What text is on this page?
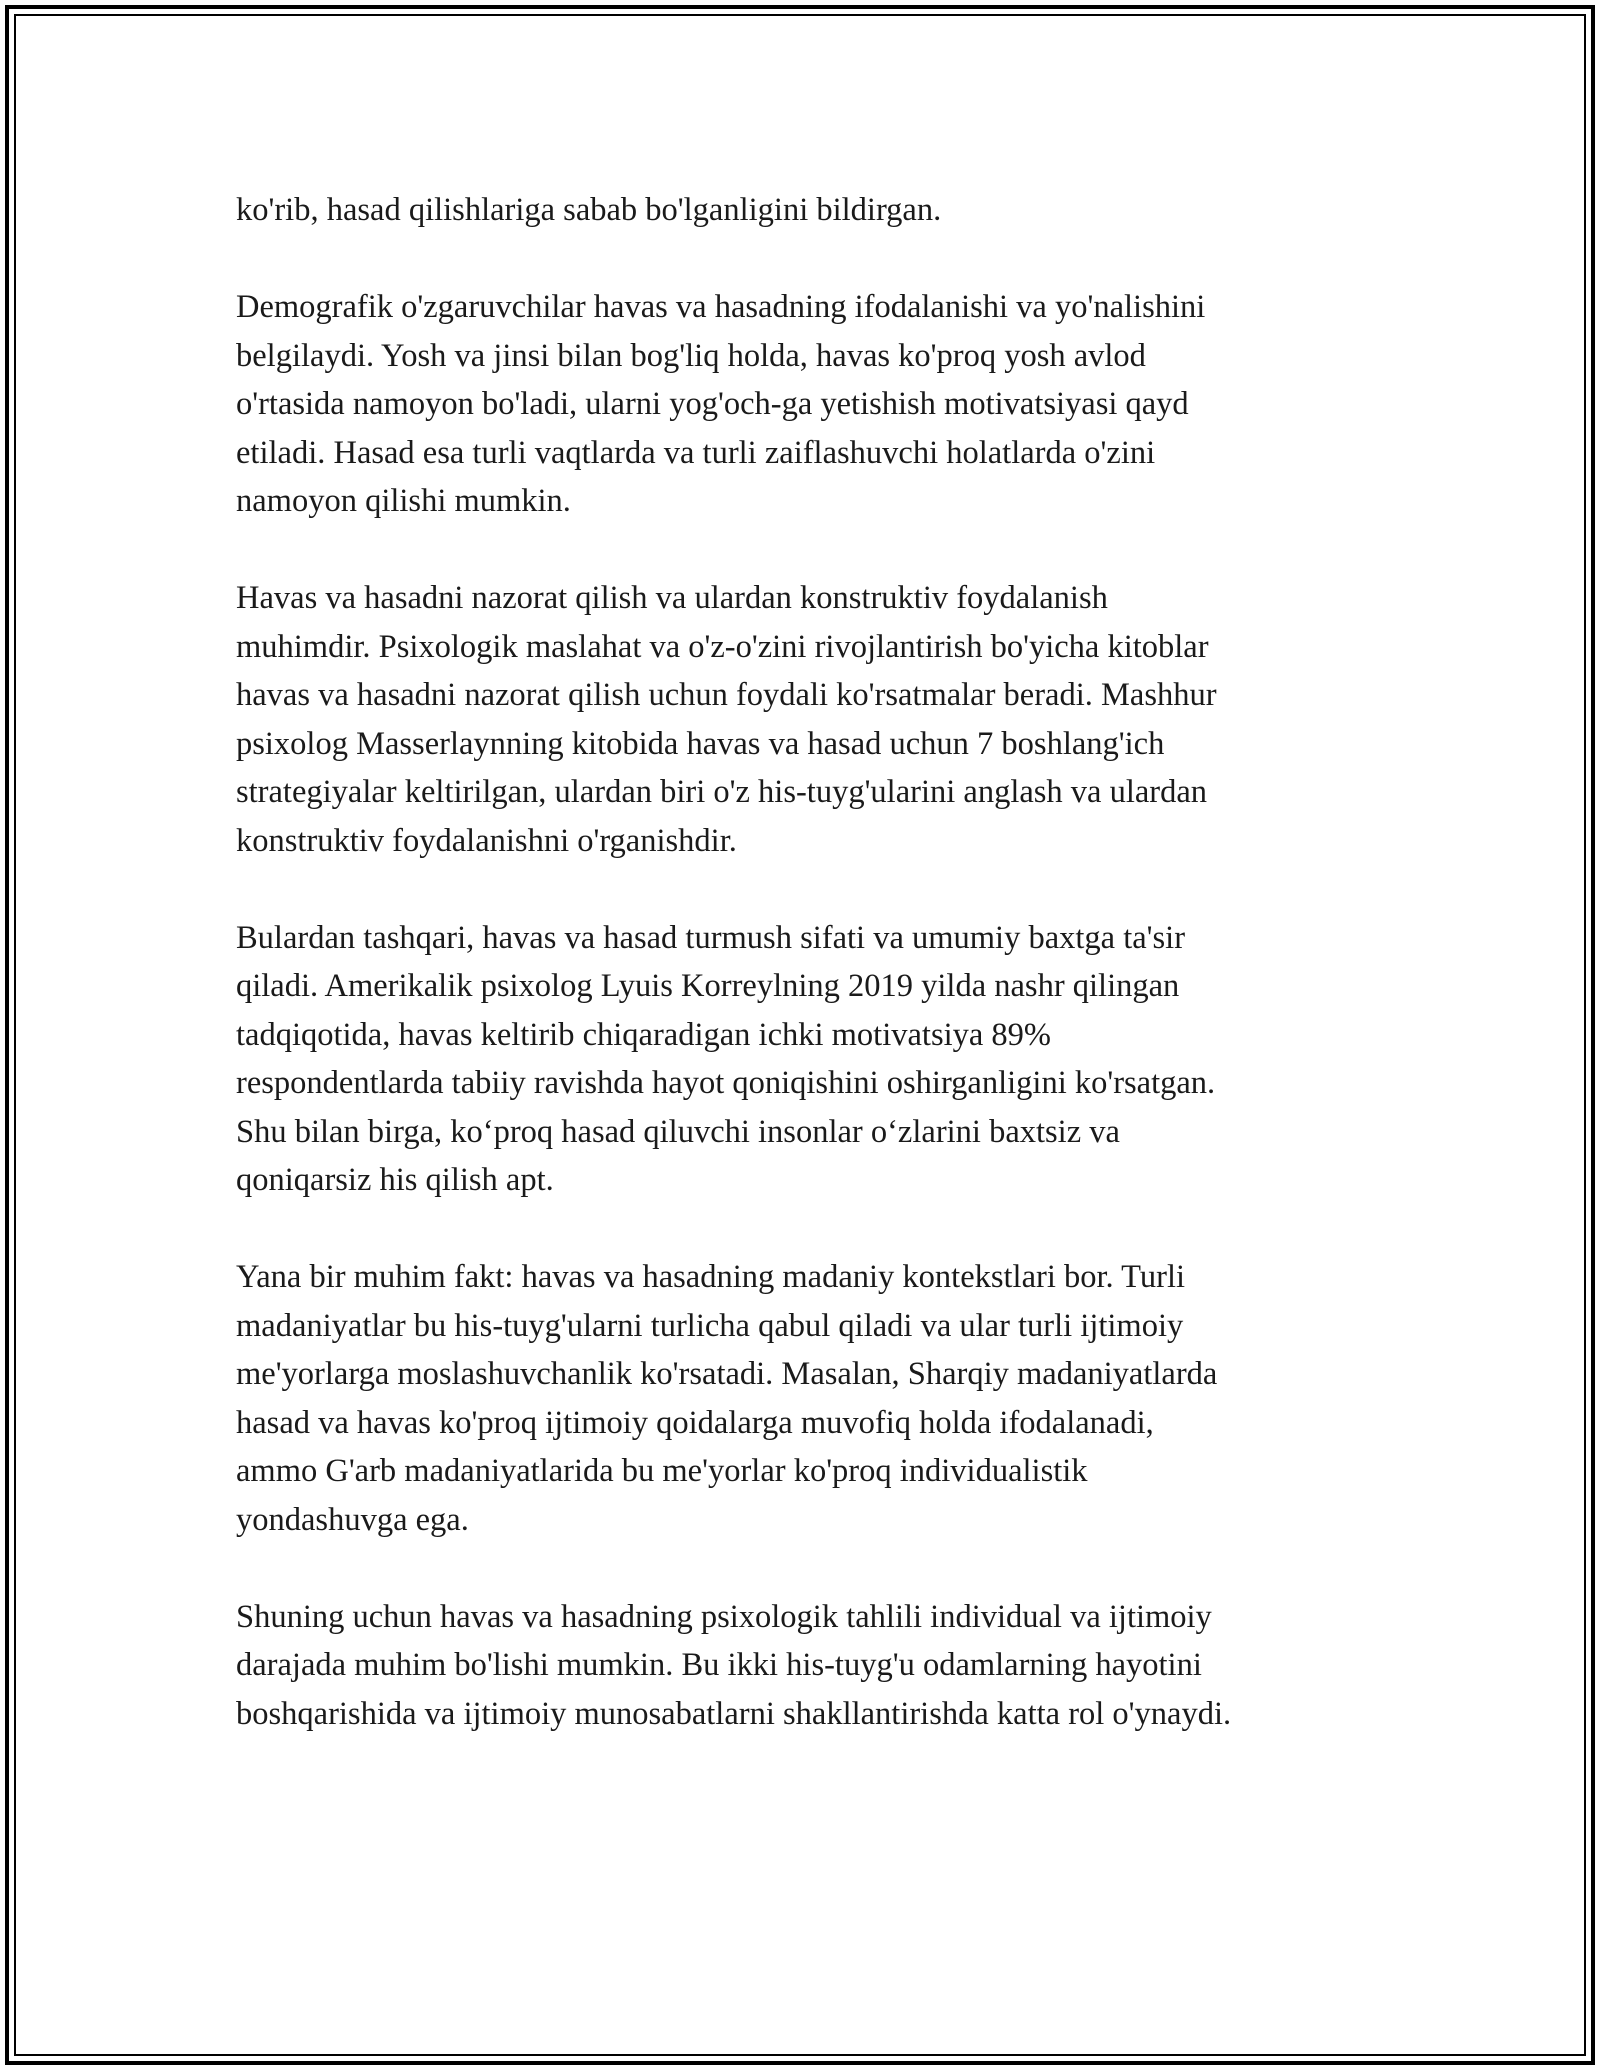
ko'rib, hasad qilishlariga sabab bo'lganligini bildirgan.

Demografik o'zgaruvchilar havas va hasadning ifodalanishi va yo'nalishini
belgilaydi. Yosh va jinsi bilan bog'liq holda, havas ko'proq yosh avlod
o'rtasida namoyon bo'ladi, ularni yog'och-ga yetishish motivatsiyasi qayd
etiladi. Hasad esa turli vaqtlarda va turli zaiflashuvchi holatlarda o'zini
namoyon qilishi mumkin.

Havas va hasadni nazorat qilish va ulardan konstruktiv foydalanish
muhimdir. Psixologik maslahat va o'z-o'zini rivojlantirish bo'yicha kitoblar
havas va hasadni nazorat qilish uchun foydali ko'rsatmalar beradi. Mashhur
psixolog Masserlaynning kitobida havas va hasad uchun 7 boshlang'ich
strategiyalar keltirilgan, ulardan biri o'z his-tuyg'ularini anglash va ulardan
konstruktiv foydalanishni o'rganishdir.

Bulardan tashqari, havas va hasad turmush sifati va umumiy baxtga ta'sir
qiladi. Amerikalik psixolog Lyuis Korreylning 2019 yilda nashr qilingan
tadqiqotida, havas keltirib chiqaradigan ichki motivatsiya 89%
respondentlarda tabiiy ravishda hayot qoniqishini oshirganligini ko'rsatgan.
Shu bilan birga, ko‘proq hasad qiluvchi insonlar o‘zlarini baxtsiz va
qoniqarsiz his qilish apt.

Yana bir muhim fakt: havas va hasadning madaniy kontekstlari bor. Turli
madaniyatlar bu his-tuyg'ularni turlicha qabul qiladi va ular turli ijtimoiy
me'yorlarga moslashuvchanlik ko'rsatadi. Masalan, Sharqiy madaniyatlarda
hasad va havas ko'proq ijtimoiy qoidalarga muvofiq holda ifodalanadi,
ammo G'arb madaniyatlarida bu me'yorlar ko'proq individualistik
yondashuvga ega.

Shuning uchun havas va hasadning psixologik tahlili individual va ijtimoiy
darajada muhim bo'lishi mumkin. Bu ikki his-tuyg'u odamlarning hayotini
boshqarishida va ijtimoiy munosabatlarni shakllantirishda katta rol o'ynaydi.
